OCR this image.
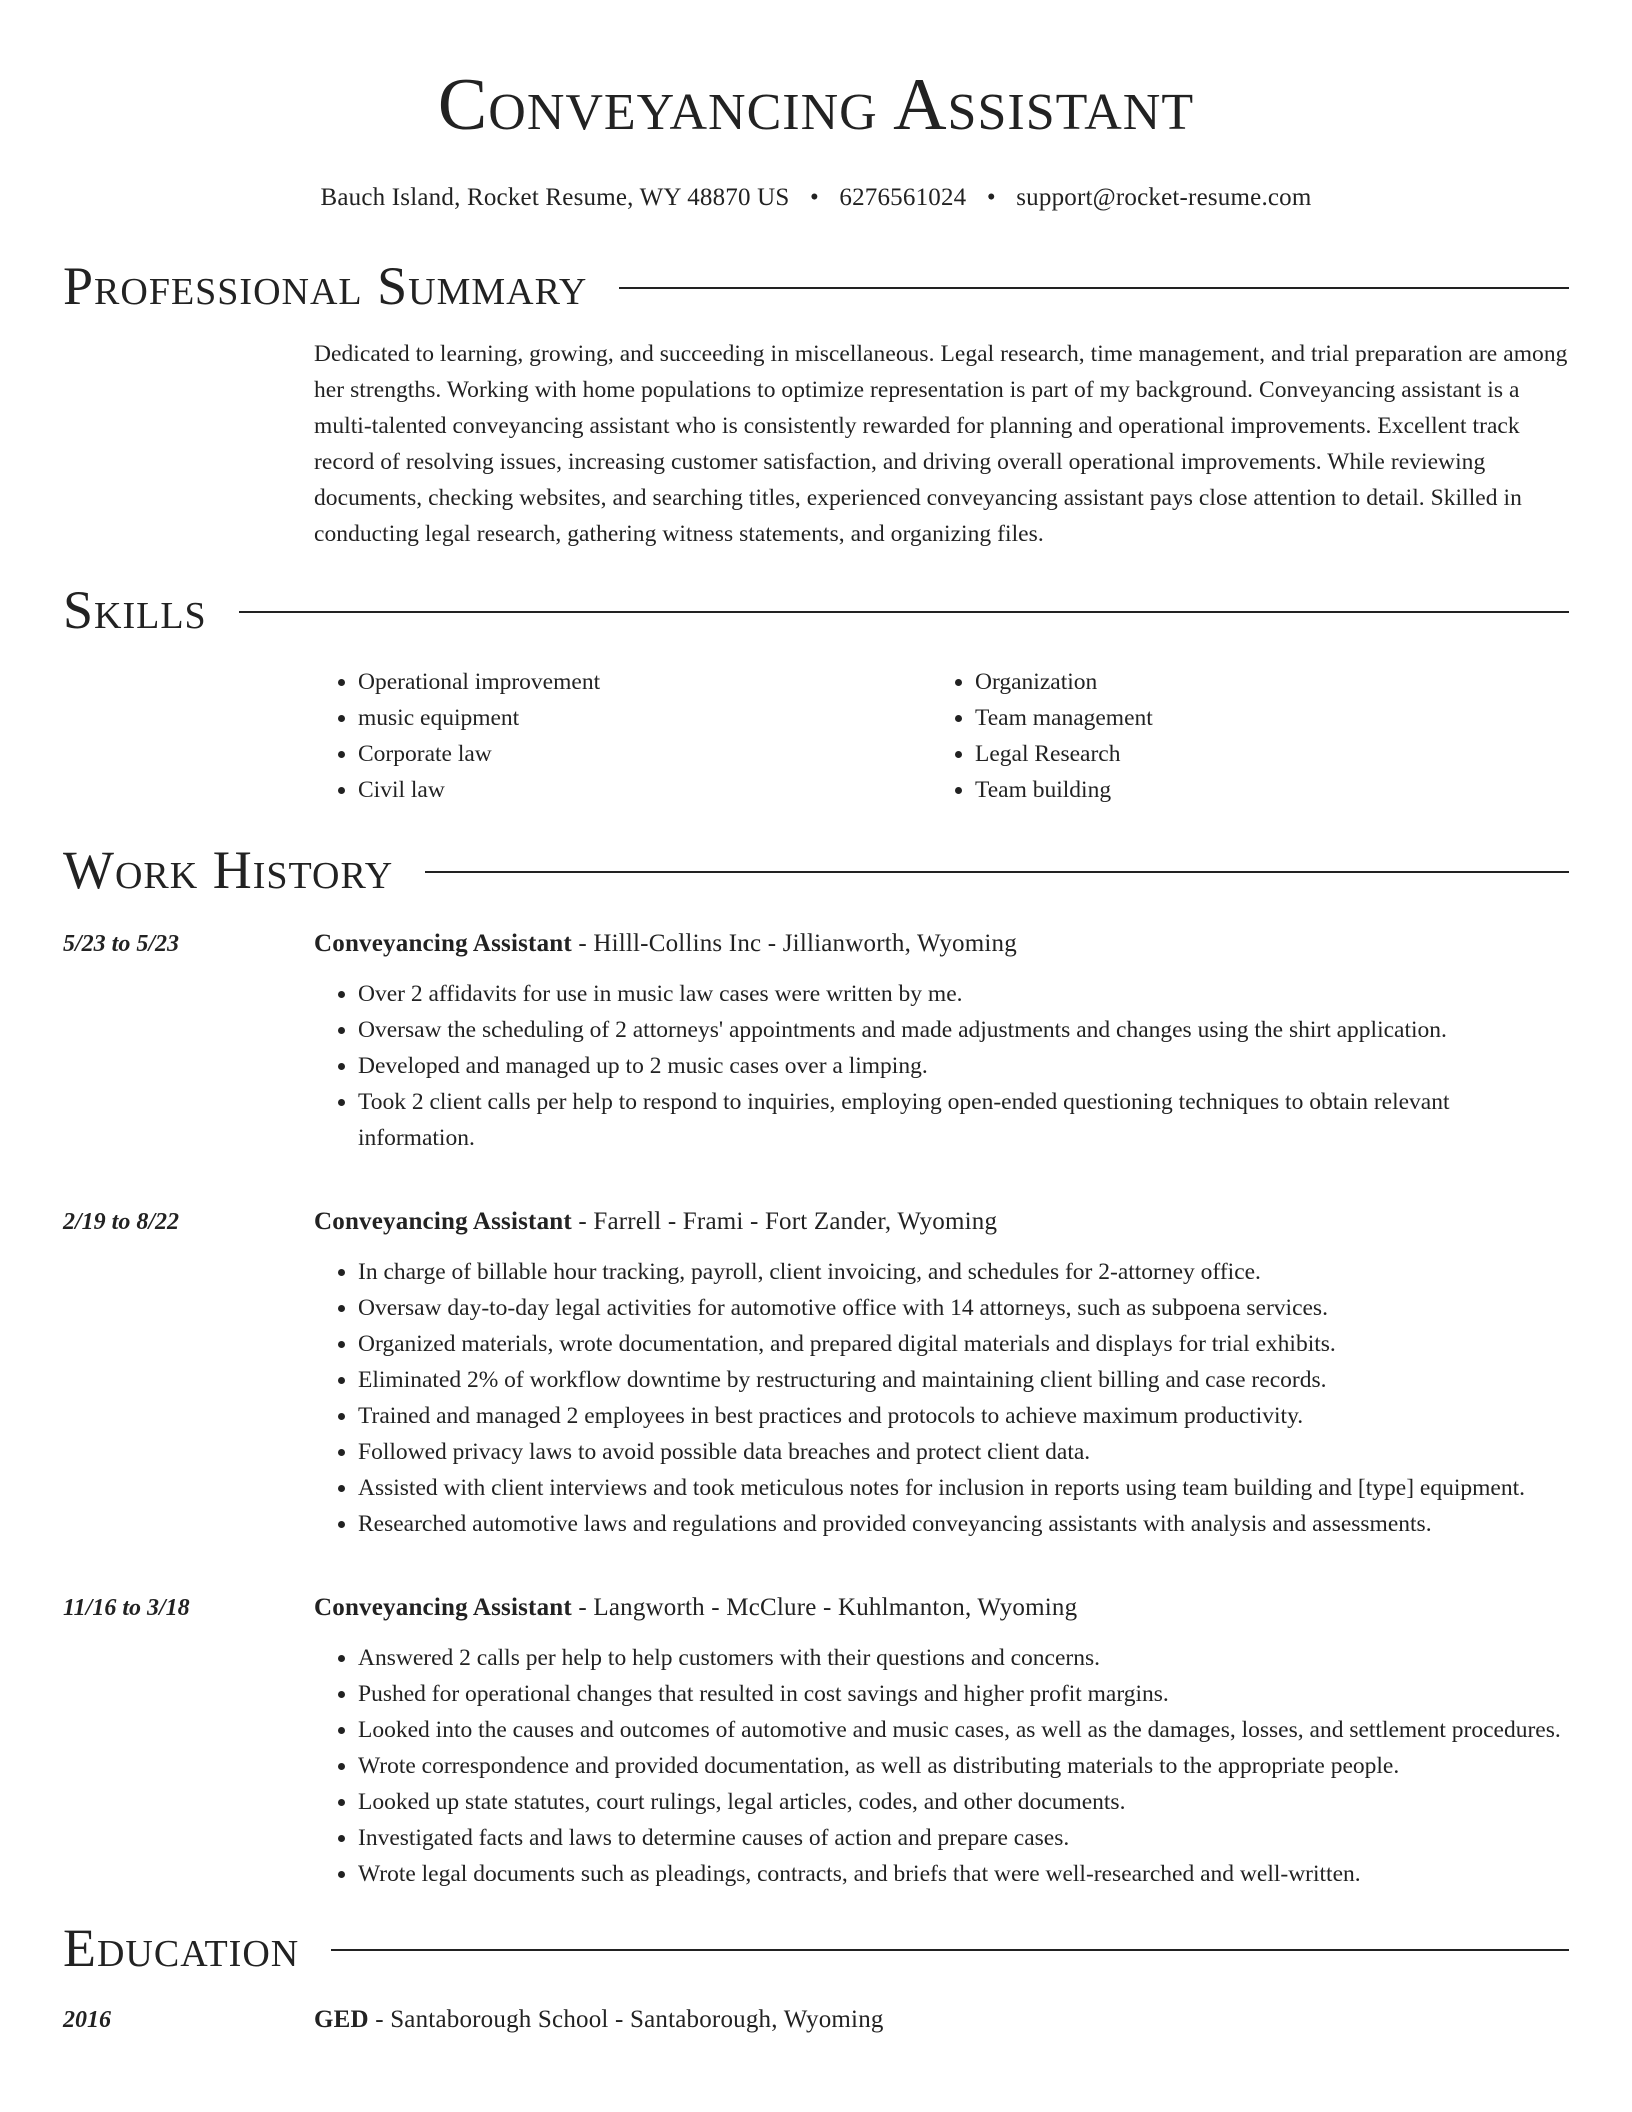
Conveyancing Assistant
Bauch Island, Rocket Resume, WY 48870 US • 6276561024 • support@rocket-resume.com
Professional Summary
Dedicated to learning, growing, and succeeding in miscellaneous. Legal research, time management, and trial preparation are among her strengths. Working with home populations to optimize representation is part of my background. Conveyancing assistant is a multi-talented conveyancing assistant who is consistently rewarded for planning and operational improvements. Excellent track record of resolving issues, increasing customer satisfaction, and driving overall operational improvements. While reviewing documents, checking websites, and searching titles, experienced conveyancing assistant pays close attention to detail. Skilled in conducting legal research, gathering witness statements, and organizing files.
Skills
• Operational improvement
• music equipment
• Corporate law
• Civil law
• Organization
• Team management
• Legal Research
• Team building
Work History
5/23 to 5/23	Conveyancing Assistant - Hilll-Collins Inc - Jillianworth, Wyoming
• Over 2 affidavits for use in music law cases were written by me.
• Oversaw the scheduling of 2 attorneys' appointments and made adjustments and changes using the shirt application.
• Developed and managed up to 2 music cases over a limping.
• Took 2 client calls per help to respond to inquiries, employing open-ended questioning techniques to obtain relevant information.
2/19 to 8/22	Conveyancing Assistant - Farrell - Frami - Fort Zander, Wyoming
• In charge of billable hour tracking, payroll, client invoicing, and schedules for 2-attorney office.
• Oversaw day-to-day legal activities for automotive office with 14 attorneys, such as subpoena services.
• Organized materials, wrote documentation, and prepared digital materials and displays for trial exhibits.
• Eliminated 2% of workflow downtime by restructuring and maintaining client billing and case records.
• Trained and managed 2 employees in best practices and protocols to achieve maximum productivity.
• Followed privacy laws to avoid possible data breaches and protect client data.
• Assisted with client interviews and took meticulous notes for inclusion in reports using team building and [type] equipment.
• Researched automotive laws and regulations and provided conveyancing assistants with analysis and assessments.
11/16 to 3/18	Conveyancing Assistant - Langworth - McClure - Kuhlmanton, Wyoming
• Answered 2 calls per help to help customers with their questions and concerns.
• Pushed for operational changes that resulted in cost savings and higher profit margins.
• Looked into the causes and outcomes of automotive and music cases, as well as the damages, losses, and settlement procedures.
• Wrote correspondence and provided documentation, as well as distributing materials to the appropriate people.
• Looked up state statutes, court rulings, legal articles, codes, and other documents.
• Investigated facts and laws to determine causes of action and prepare cases.
• Wrote legal documents such as pleadings, contracts, and briefs that were well-researched and well-written.
Education
2016	GED - Santaborough School - Santaborough, Wyoming
